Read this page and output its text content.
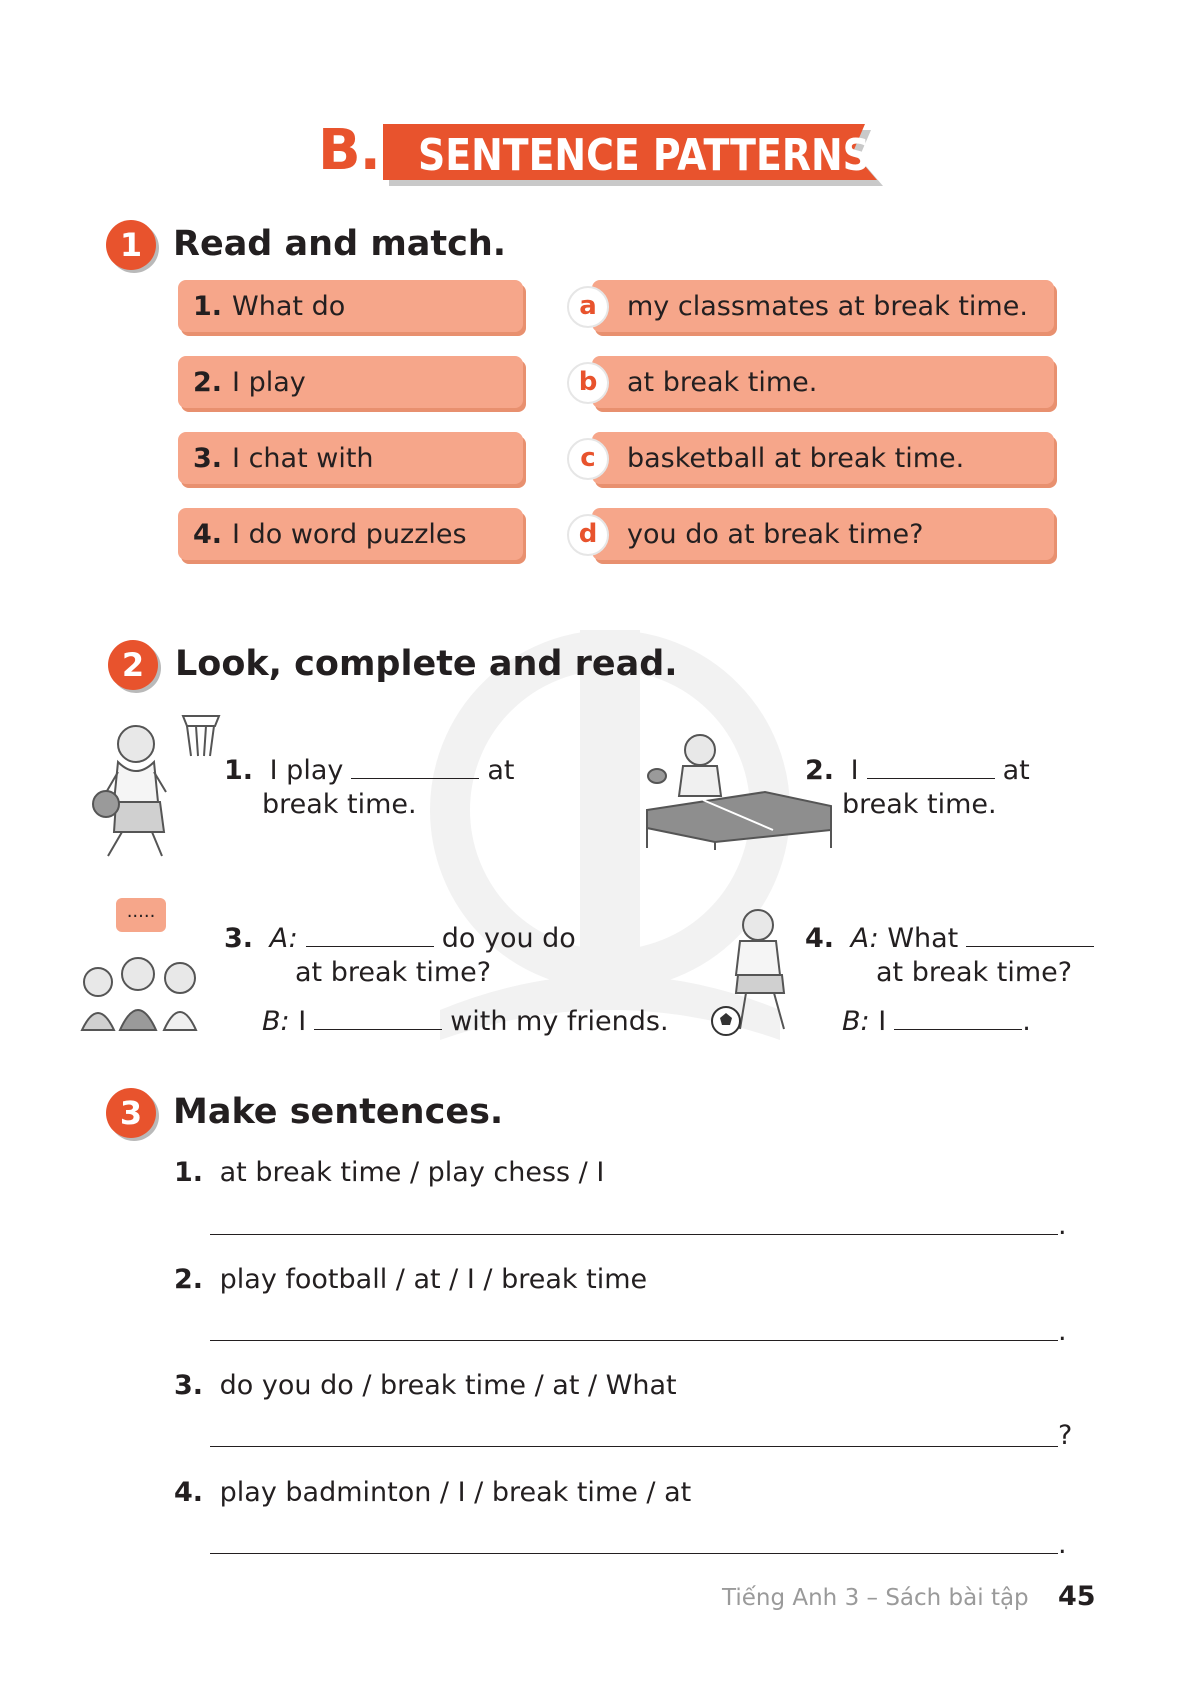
B. SENTENCE PATTERNS
1 Read and match.
1. What do
2. I play
3. I chat with
4. I do word puzzles
my classmates at break time.
a
at break time.
b
basketball at break time.
c
you do at break time?
d
2 Look, complete and read.
1. I play	at
break time.
2. I	at
break time.
.....
3. A:	do you do
at break time?
B: I	with my friends.
4. A: What
at break time?
B: I	.
3 Make sentences.
1. at break time / play chess / I
.
2. play football / at / I / break time
.
3. do you do / break time / at / What
?
4. play badminton / I / break time / at
.
Tiếng Anh 3 – Sách bài tập 45
